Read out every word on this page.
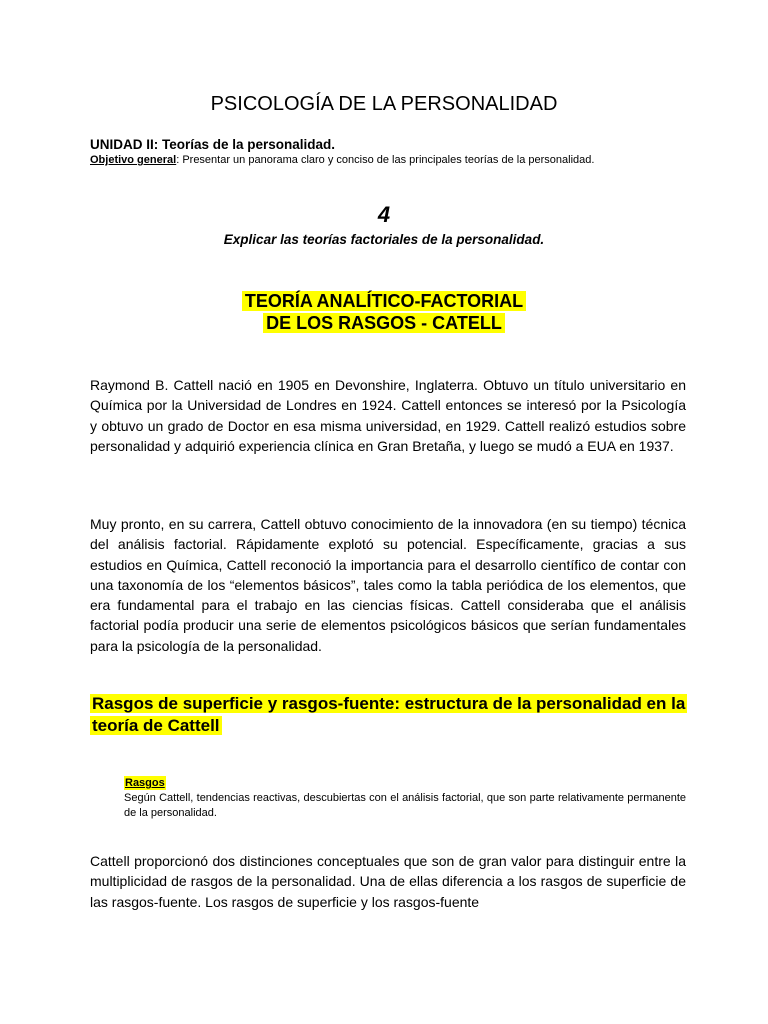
PSICOLOGÍA DE LA PERSONALIDAD
UNIDAD II: Teorías de la personalidad.
Objetivo general: Presentar un panorama claro y conciso de las principales teorías de la personalidad.
4
Explicar las teorías factoriales de la personalidad.
TEORÍA ANALÍTICO-FACTORIAL
DE LOS RASGOS - CATELL

Raymond B. Cattell nació en 1905 en Devonshire, Inglaterra. Obtuvo un título universitario en Química por la Universidad de Londres en 1924. Cattell entonces se interesó por la Psicología y obtuvo un grado de Doctor en esa misma universidad, en 1929. Cattell realizó estudios sobre personalidad y adquirió experiencia clínica en Gran Bretaña, y luego se mudó a EUA en 1937.

Muy pronto, en su carrera, Cattell obtuvo conocimiento de la innovadora (en su tiempo) técnica del análisis factorial. Rápidamente explotó su potencial. Específicamente, gracias a sus estudios en Química, Cattell reconoció la importancia para el desarrollo científico de contar con una taxonomía de los “elementos básicos”, tales como la tabla periódica de los elementos, que era fundamental para el trabajo en las ciencias físicas. Cattell consideraba que el análisis factorial podía producir una serie de elementos psicológicos básicos que serían fundamentales para la psicología de la personalidad.

Rasgos de superficie y rasgos-fuente: estructura de la personalidad en la teoría de Cattell
Rasgos
Según Cattell, tendencias reactivas, descubiertas con el análisis factorial, que son parte relativamente permanente de la personalidad.

Cattell proporcionó dos distinciones conceptuales que son de gran valor para distinguir entre la multiplicidad de rasgos de la personalidad. Una de ellas diferencia a los rasgos de superficie de las rasgos-fuente. Los rasgos de superficie y los rasgos-fuente
